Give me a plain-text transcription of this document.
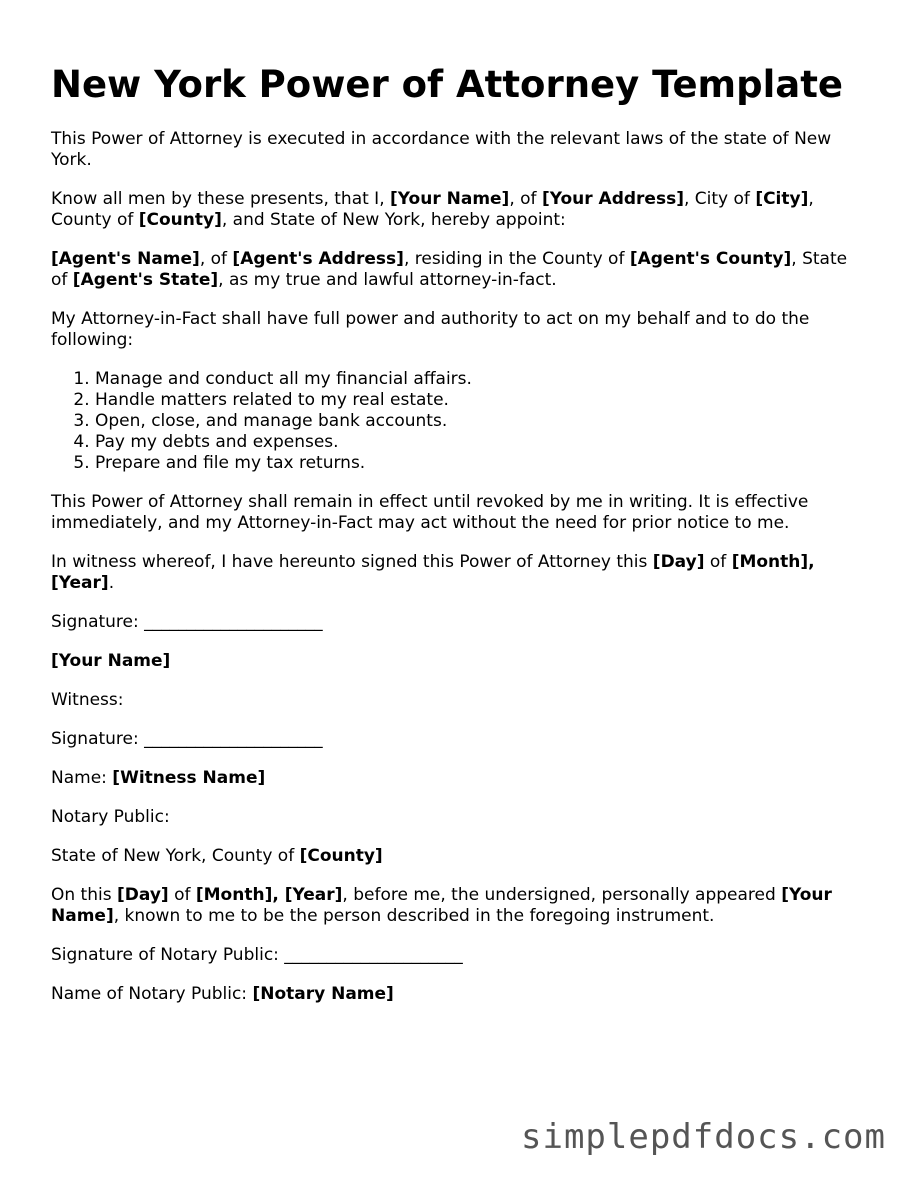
New York Power of Attorney Template

This Power of Attorney is executed in accordance with the relevant laws of the state of New York.

Know all men by these presents, that I, [Your Name], of [Your Address], City of [City], County of [County], and State of New York, hereby appoint:

[Agent's Name], of [Agent's Address], residing in the County of [Agent's County], State of [Agent's State], as my true and lawful attorney-in-fact.

My Attorney-in-Fact shall have full power and authority to act on my behalf and to do the following:

1. Manage and conduct all my financial affairs.
2. Handle matters related to my real estate.
3. Open, close, and manage bank accounts.
4. Pay my debts and expenses.
5. Prepare and file my tax returns.

This Power of Attorney shall remain in effect until revoked by me in writing. It is effective immediately, and my Attorney-in-Fact may act without the need for prior notice to me.

In witness whereof, I have hereunto signed this Power of Attorney this [Day] of [Month], [Year].

Signature: _____________________

[Your Name]

Witness:

Signature: _____________________

Name: [Witness Name]

Notary Public:

State of New York, County of [County]

On this [Day] of [Month], [Year], before me, the undersigned, personally appeared [Your Name], known to me to be the person described in the foregoing instrument.

Signature of Notary Public: _____________________

Name of Notary Public: [Notary Name]

simplepdfdocs.com
